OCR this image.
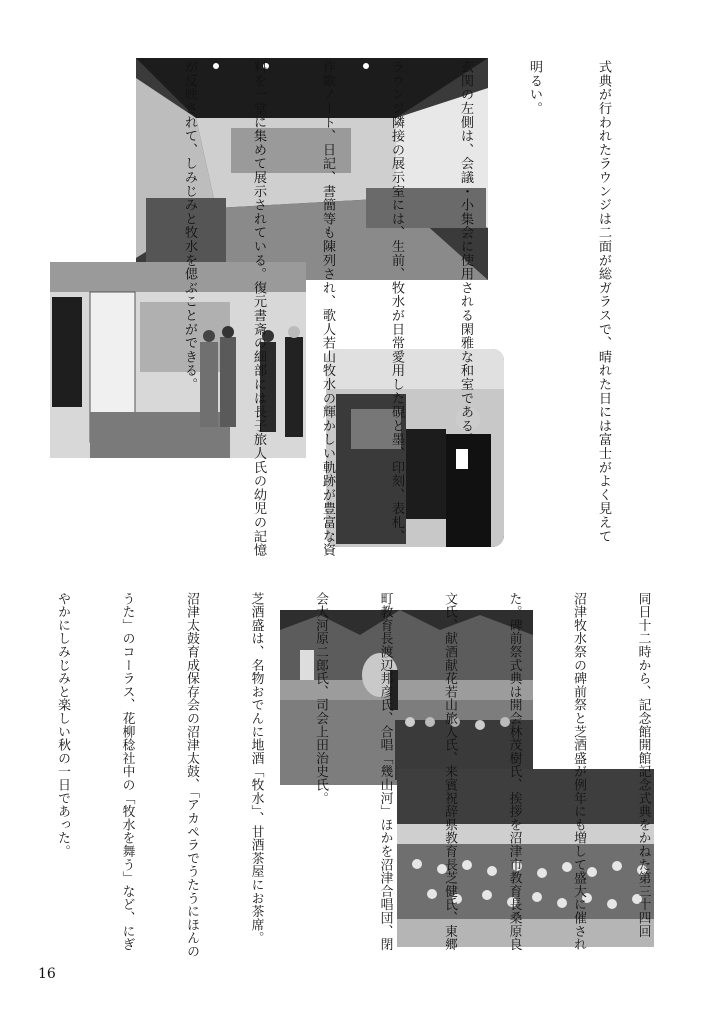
式典が行われたラウンジは二面が総ガラスで、晴れた日には富士がよく見えて

明るい。

玄関の左側は、会議・小集会に使用される閑雅な和室である。

ラウンジ隣接の展示室には、生前、牧水が日常愛用した硯と墨、印刻、表札、

作歌ノート、日記、書簡等も陳列され、歌人若山牧水の輝かしい軌跡が豊富な資

料を一堂に集めて展示されている。復元書斎の細部には長子旅人氏の幼児の記憶

が反映されて、しみじみと牧水を偲ぶことができる。

同日十二時から、記念館開館記念式典をかねた第三十四回

沼津牧水祭の碑前祭と芝酒盛が例年にも増して盛大に催され

た。碑前祭式典は開会林茂樹氏、挨拶を沼津市教育長桑原良

文氏、献酒献花若山旅人氏、来賓祝辞県教育長芝健氏、東郷

町教育長渡辺邦彦氏、合唱「幾山河」ほかを沼津合唱団、閉

会大河原二郎氏、司会上田治史氏。

芝酒盛は、名物おでんに地酒「牧水」、甘酒茶屋にお茶席。

沼津太鼓育成保存会の沼津太鼓、「アカペラでうたうにほんの

うた」のコーラス、花柳稔社中の「牧水を舞う」など、にぎ

やかにしみじみと楽しい秋の一日であった。

16
